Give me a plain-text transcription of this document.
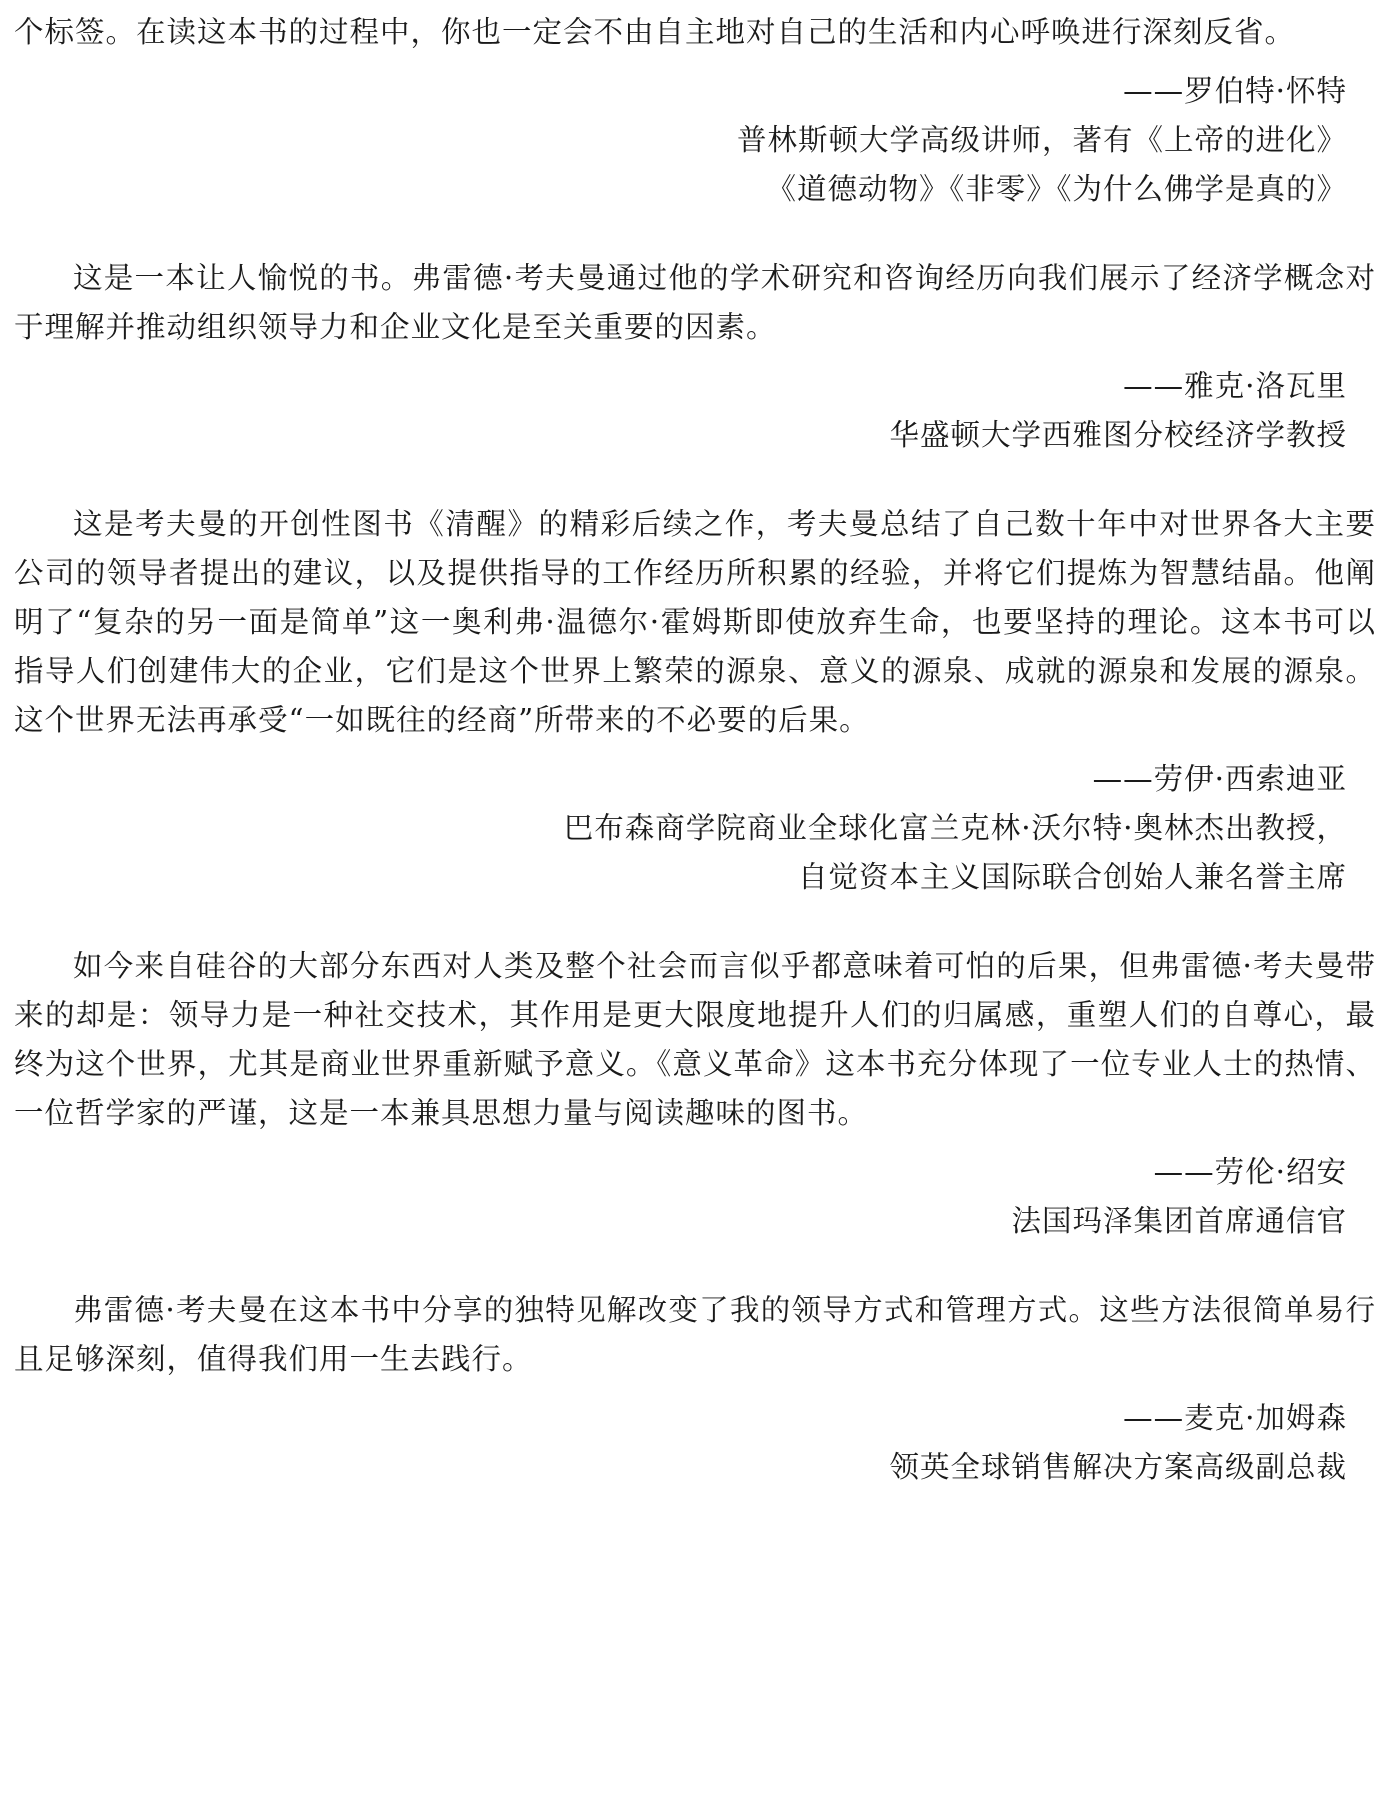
个标签。在读这本书的过程中，你也一定会不由自主地对自己的生活和内心呼唤进行深刻反省。

——罗伯特·怀特
普林斯顿大学高级讲师，著有《上帝的进化》
《道德动物》《非零》《为什么佛学是真的》

这是一本让人愉悦的书。弗雷德·考夫曼通过他的学术研究和咨询经历向我们展示了经济学概念对于理解并推动组织领导力和企业文化是至关重要的因素。

——雅克·洛瓦里
华盛顿大学西雅图分校经济学教授

这是考夫曼的开创性图书《清醒》的精彩后续之作，考夫曼总结了自己数十年中对世界各大主要公司的领导者提出的建议，以及提供指导的工作经历所积累的经验，并将它们提炼为智慧结晶。他阐明了“复杂的另一面是简单”这一奥利弗·温德尔·霍姆斯即使放弃生命，也要坚持的理论。这本书可以指导人们创建伟大的企业，它们是这个世界上繁荣的源泉、意义的源泉、成就的源泉和发展的源泉。这个世界无法再承受“一如既往的经商”所带来的不必要的后果。

——劳伊·西索迪亚
巴布森商学院商业全球化富兰克林·沃尔特·奥林杰出教授，
自觉资本主义国际联合创始人兼名誉主席

如今来自硅谷的大部分东西对人类及整个社会而言似乎都意味着可怕的后果，但弗雷德·考夫曼带来的却是：领导力是一种社交技术，其作用是更大限度地提升人们的归属感，重塑人们的自尊心，最终为这个世界，尤其是商业世界重新赋予意义。《意义革命》这本书充分体现了一位专业人士的热情、一位哲学家的严谨，这是一本兼具思想力量与阅读趣味的图书。

——劳伦·绍安
法国玛泽集团首席通信官

弗雷德·考夫曼在这本书中分享的独特见解改变了我的领导方式和管理方式。这些方法很简单易行且足够深刻，值得我们用一生去践行。

——麦克·加姆森
领英全球销售解决方案高级副总裁
